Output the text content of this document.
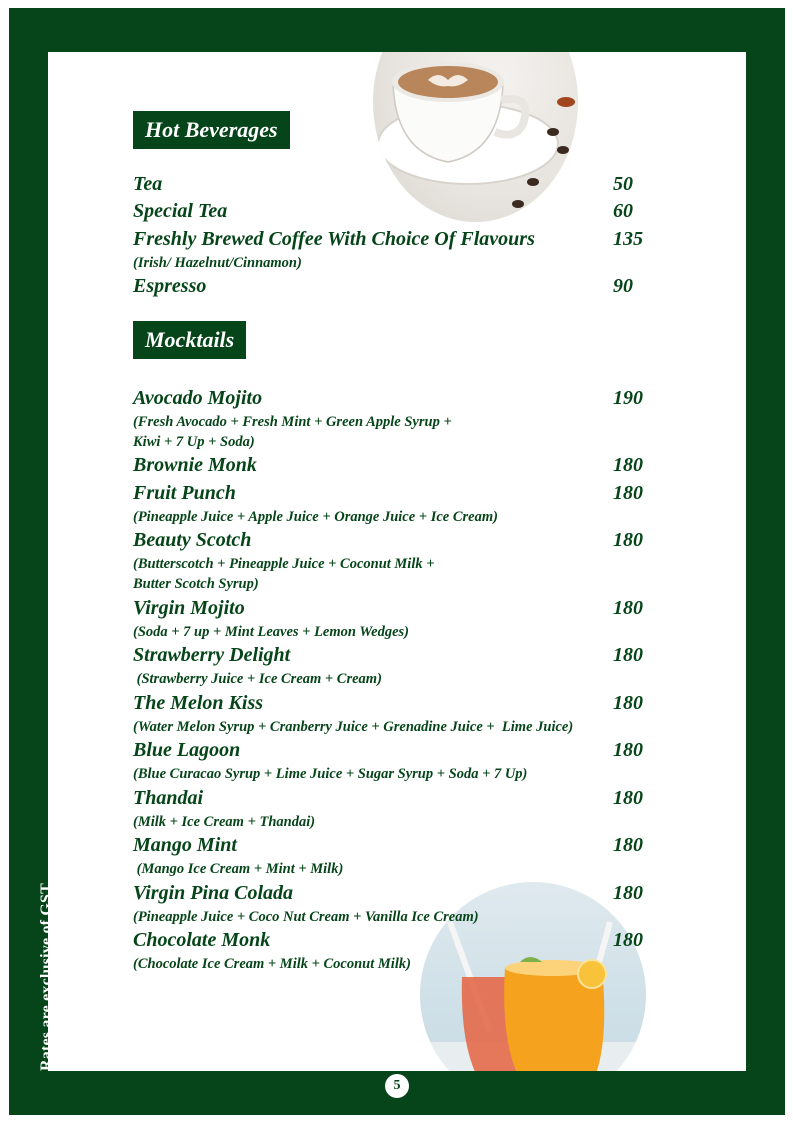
Rates are exclusive of GST
5
Hot Beverages
Tea	50
Special Tea	60
Freshly Brewed Coffee With Choice Of Flavours	135
(Irish/ Hazelnut/Cinnamon)
Espresso	90
Mocktails
Avocado Mojito	190
(Fresh Avocado + Fresh Mint + Green Apple Syrup +
Kiwi + 7 Up + Soda)
Brownie Monk	180
Fruit Punch	180
(Pineapple Juice + Apple Juice + Orange Juice + Ice Cream)
Beauty Scotch	180
(Butterscotch + Pineapple Juice + Coconut Milk +
Butter Scotch Syrup)
Virgin Mojito	180
(Soda + 7 up + Mint Leaves + Lemon Wedges)
Strawberry Delight	180
(Strawberry Juice + Ice Cream + Cream)
The Melon Kiss	180
(Water Melon Syrup + Cranberry Juice + Grenadine Juice +  Lime Juice)
Blue Lagoon	180
(Blue Curacao Syrup + Lime Juice + Sugar Syrup + Soda + 7 Up)
Thandai	180
(Milk + Ice Cream + Thandai)
Mango Mint	180
(Mango Ice Cream + Mint + Milk)
Virgin Pina Colada	180
(Pineapple Juice + Coco Nut Cream + Vanilla Ice Cream)
Chocolate Monk	180
(Chocolate Ice Cream + Milk + Coconut Milk)
